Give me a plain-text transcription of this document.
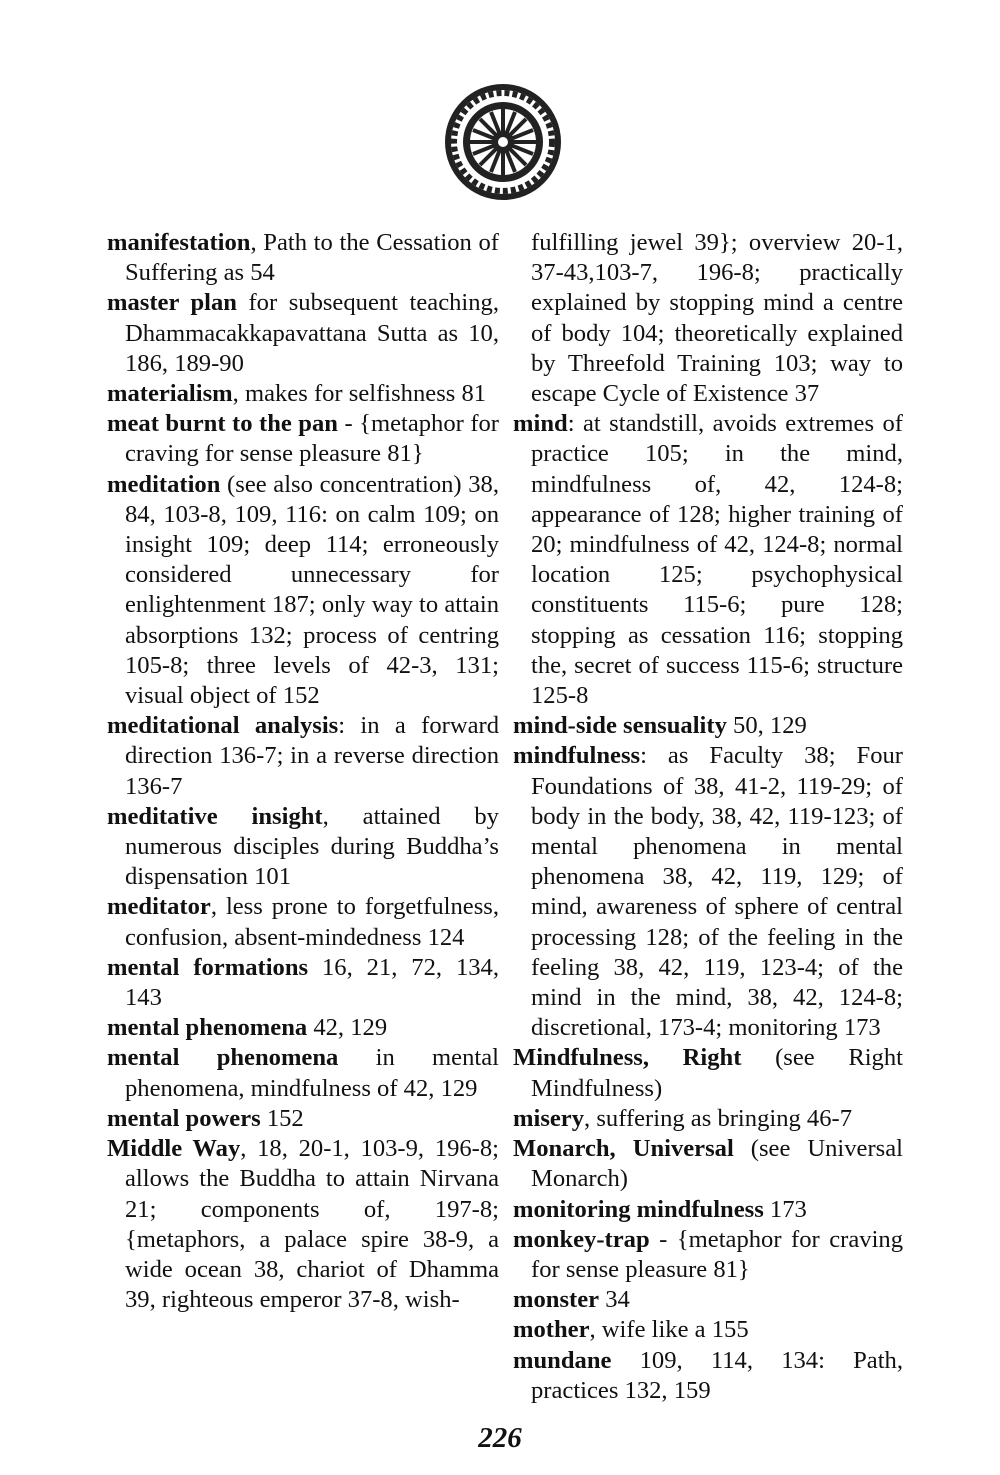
manifestation, Path to the Cessation of Suffering as 54

master plan for subsequent teaching, Dhammacakkapavattana Sutta as 10, 186, 189-90

materialism, makes for selfishness 81

meat burnt to the pan - {metaphor for craving for sense pleasure 81}

meditation (see also concentration) 38, 84, 103-8, 109, 116: on calm 109; on insight 109; deep 114; erroneously considered unnecessary for enlightenment 187; only way to attain absorptions 132; process of centring 105-8; three levels of 42-3, 131; visual object of 152

meditational analysis: in a forward direction 136-7; in a reverse direction 136-7

meditative insight, attained by numerous disciples during Buddha’s dispensation 101

meditator, less prone to forgetfulness, confusion, absent-mindedness 124

mental formations 16, 21, 72, 134, 143

mental phenomena 42, 129

mental phenomena in mental phenomena, mindfulness of 42, 129

mental powers 152

Middle Way, 18, 20-1, 103-9, 196-8; allows the Buddha to attain Nirvana 21; components of, 197-8; {metaphors, a palace spire 38-9, a wide ocean 38, chariot of Dhamma 39, righteous emperor 37-8, wish-

fulfilling jewel 39}; overview 20-1, 37-43,103-7, 196-8; practically explained by stopping mind a centre of body 104; theoretically explained by Threefold Training 103; way to escape Cycle of Existence 37

mind: at standstill, avoids extremes of practice 105; in the mind, mindfulness of, 42, 124-8; appearance of 128; higher training of 20; mindfulness of 42, 124-8; normal location 125; psychophysical constituents 115-6; pure 128; stopping as cessation 116; stopping the, secret of success 115-6; structure 125-8

mind-side sensuality 50, 129

mindfulness: as Faculty 38; Four Foundations of 38, 41-2, 119-29; of body in the body, 38, 42, 119-123; of mental phenomena in mental phenomena 38, 42, 119, 129; of mind, awareness of sphere of central processing 128; of the feeling in the feeling 38, 42, 119, 123-4; of the mind in the mind, 38, 42, 124-8; discretional, 173-4; monitoring 173

Mindfulness, Right (see Right Mindfulness)

misery, suffering as bringing 46-7

Monarch, Universal (see Universal Monarch)

monitoring mindfulness 173

monkey-trap - {metaphor for craving for sense pleasure 81}

monster 34

mother, wife like a 155

mundane 109, 114, 134: Path, practices 132, 159

226
